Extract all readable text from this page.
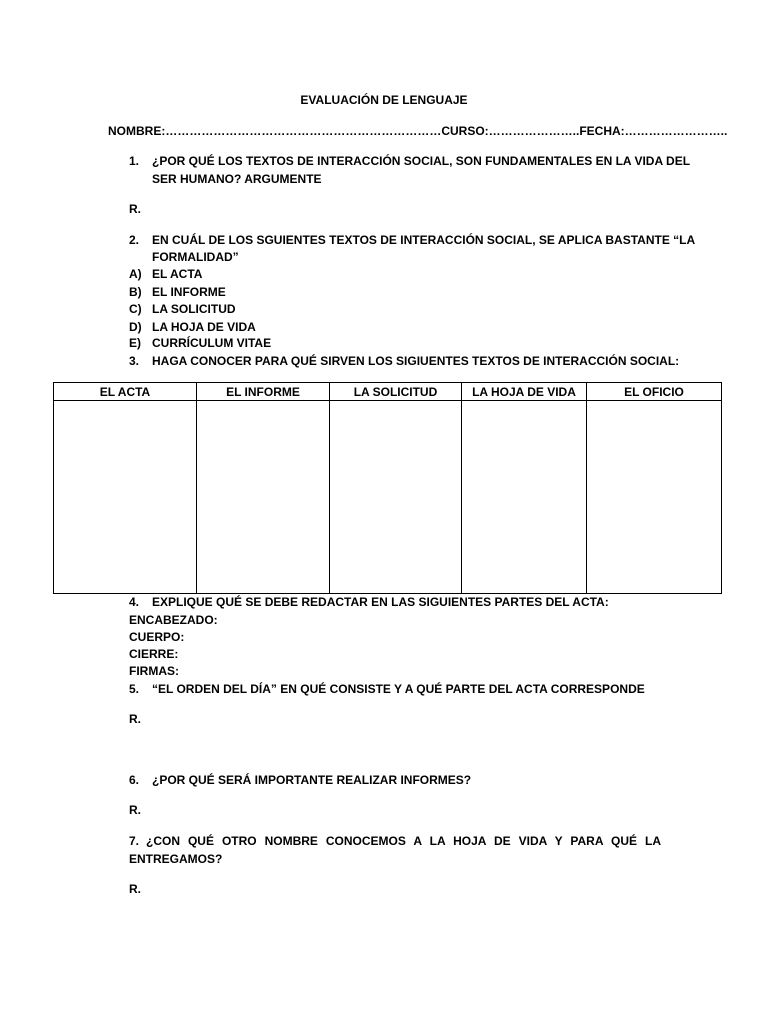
EVALUACIÓN DE LENGUAJE
NOMBRE:……………………………………………………………CURSO:…………………..FECHA:……………………..
1.	¿POR QUÉ LOS TEXTOS DE INTERACCIÓN SOCIAL, SON FUNDAMENTALES EN LA VIDA DEL
SER HUMANO? ARGUMENTE
R.
2.	EN CUÁL DE LOS SGUIENTES TEXTOS DE INTERACCIÓN SOCIAL, SE APLICA BASTANTE “LA
FORMALIDAD”
A) EL ACTA
B) EL INFORME
C) LA SOLICITUD
D) LA HOJA DE VIDA
E) CURRÍCULUM VITAE
3.	HAGA CONOCER PARA QUÉ SIRVEN LOS SIGIUENTES TEXTOS DE INTERACCIÓN SOCIAL:
EL ACTA	EL INFORME	LA SOLICITUD	LA HOJA DE VIDA	EL OFICIO

4.	EXPLIQUE QUÉ SE DEBE REDACTAR EN LAS SIGUIENTES PARTES DEL ACTA:
ENCABEZADO:
CUERPO:
CIERRE:
FIRMAS:
5.	“EL ORDEN DEL DÍA” EN QUÉ CONSISTE Y A QUÉ PARTE DEL ACTA CORRESPONDE
R.
6.	¿POR QUÉ SERÁ IMPORTANTE REALIZAR INFORMES?
R.
7. ¿CON QUÉ OTRO NOMBRE CONOCEMOS A LA HOJA DE VIDA Y PARA QUÉ LA
ENTREGAMOS?
R.
